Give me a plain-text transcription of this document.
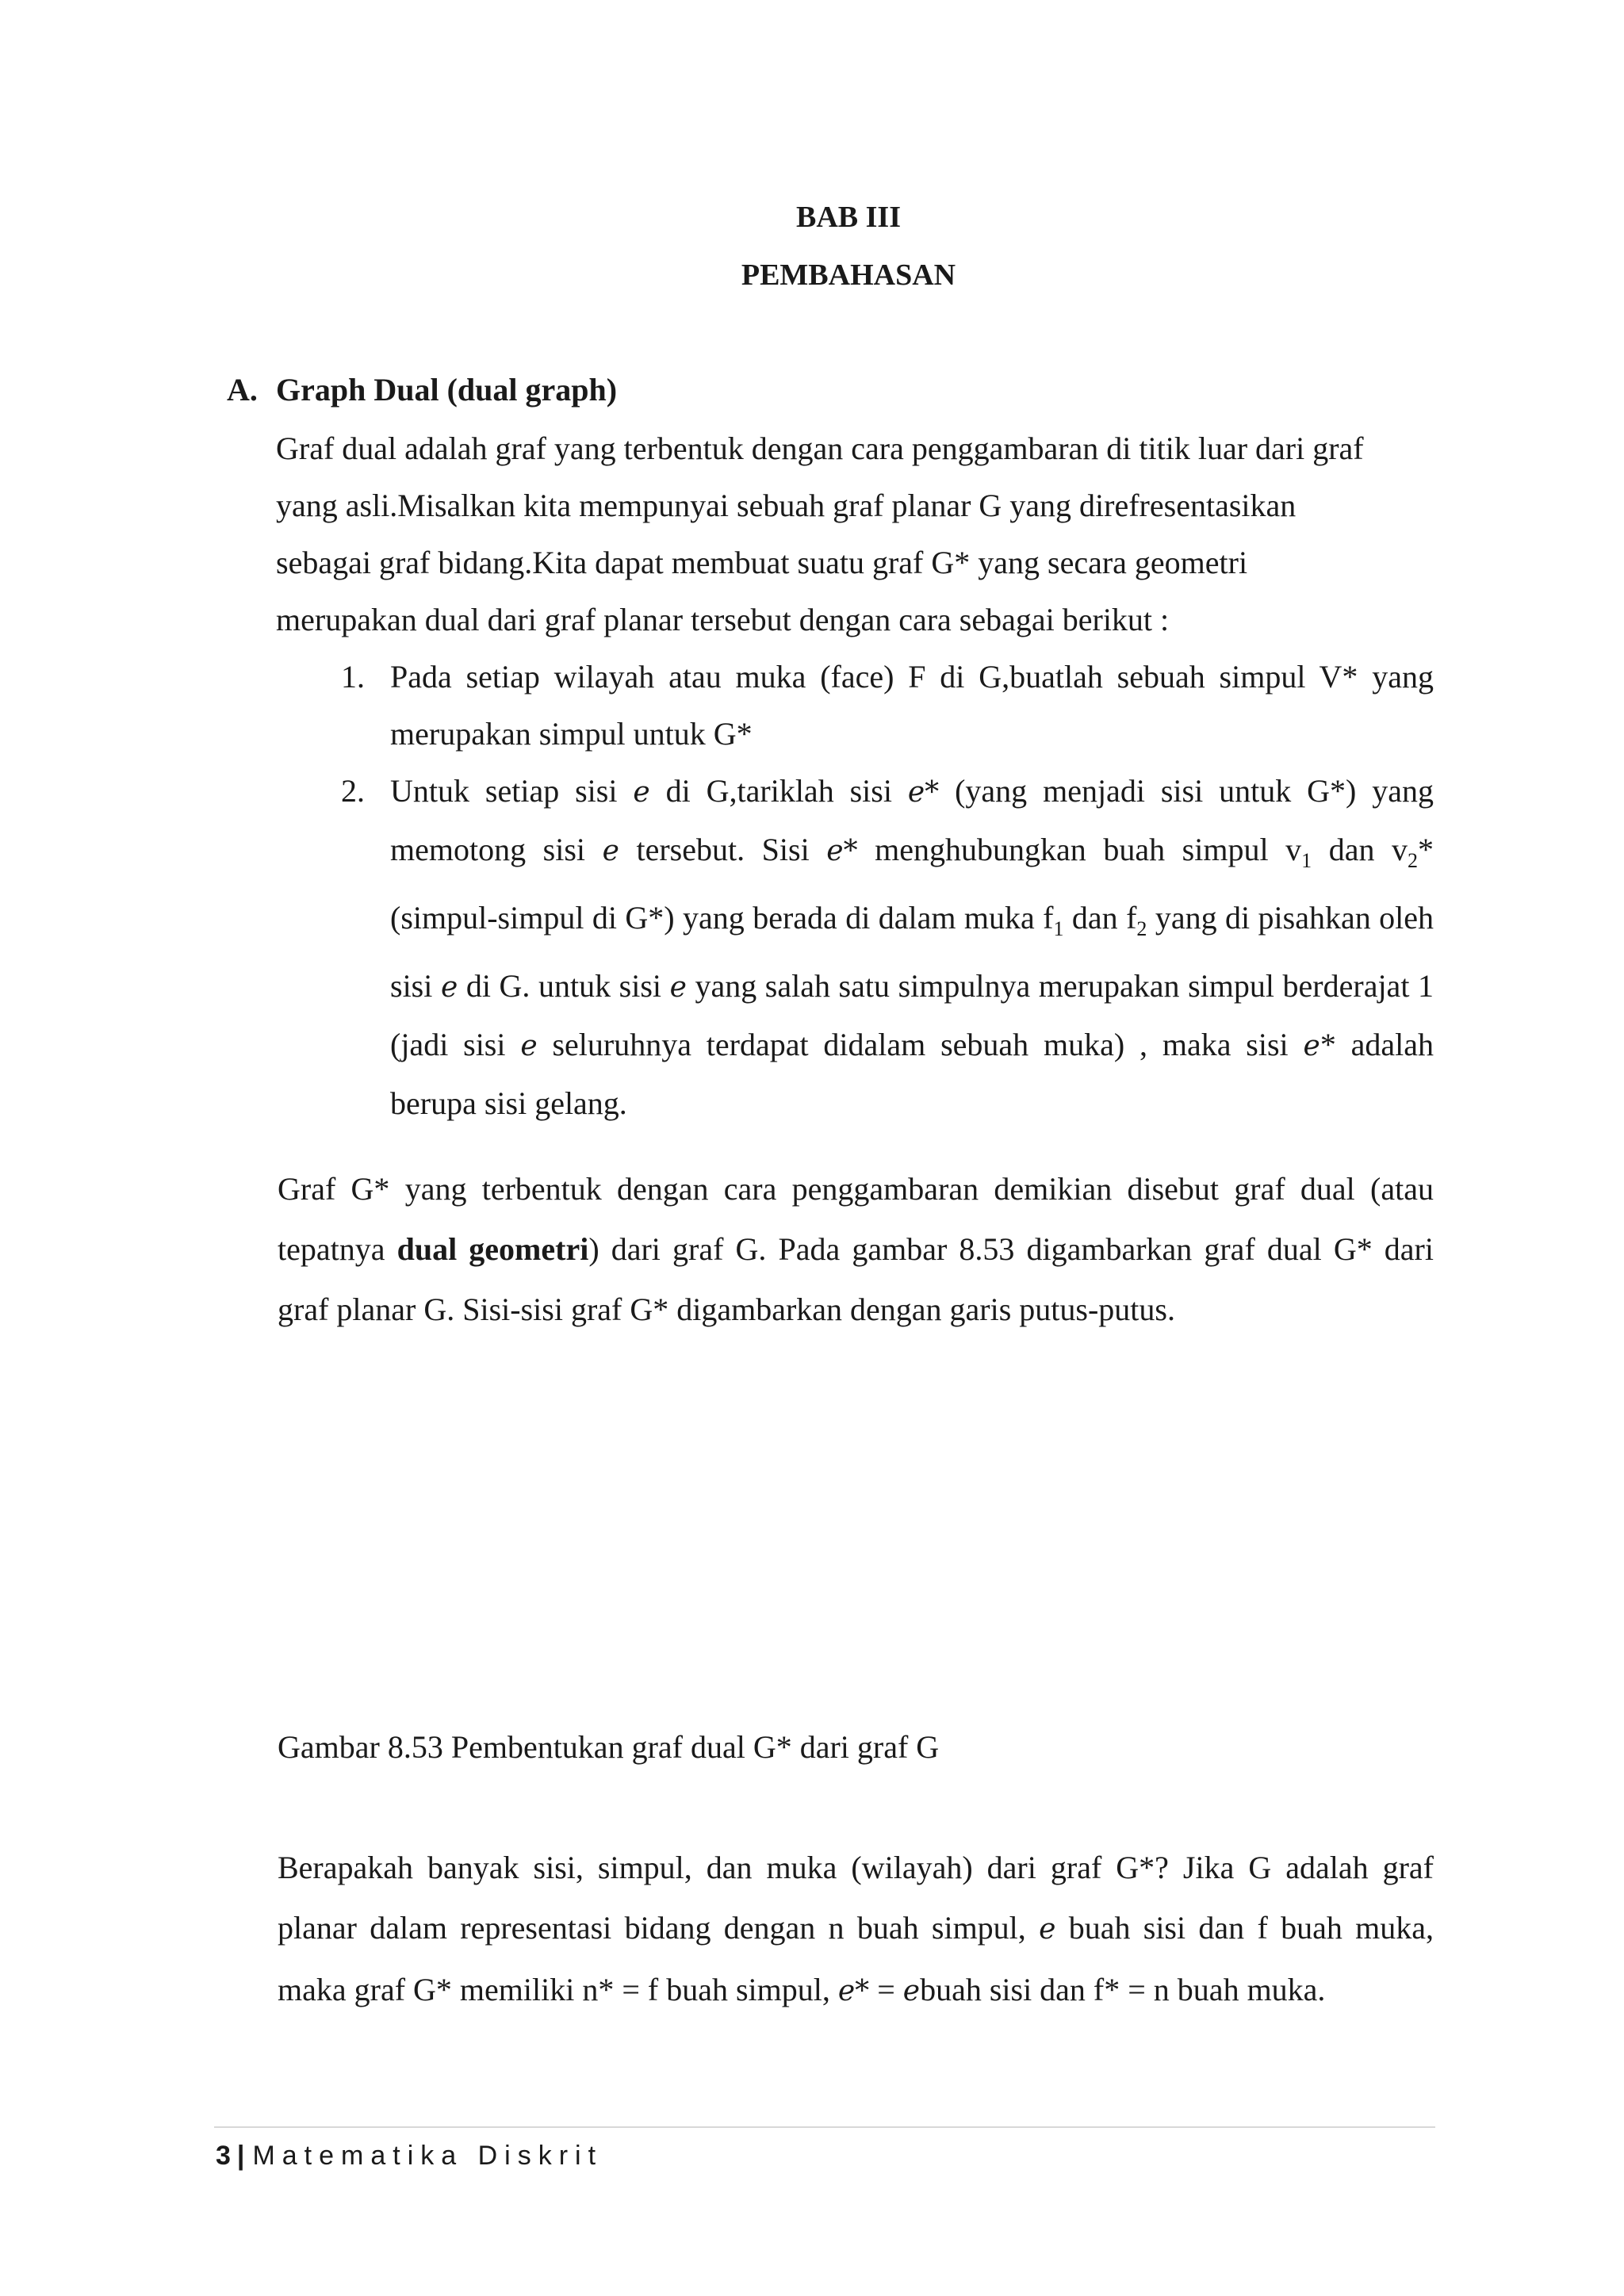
BAB III
PEMBAHASAN
A. Graph Dual (dual graph)

Graf dual adalah graf yang terbentuk dengan cara penggambaran di titik luar dari graf

yang asli.Misalkan kita mempunyai sebuah graf planar G yang direfresentasikan

sebagai graf bidang.Kita dapat membuat suatu graf G* yang secara geometri

merupakan dual dari graf planar tersebut dengan cara sebagai berikut :

1. Pada setiap wilayah atau muka (face) F di G,buatlah sebuah simpul V* yang merupakan simpul untuk G*
2. Untuk setiap sisi e di G,tariklah sisi e* (yang menjadi sisi untuk G*) yang memotong sisi e tersebut. Sisi e* menghubungkan buah simpul $v_1$ dan $v_2*$ (simpul-simpul di G*) yang berada di dalam muka $f_1$ dan $f_2$ yang di pisahkan oleh sisi e di G. untuk sisi e yang salah satu simpulnya merupakan simpul berderajat 1 (jadi sisi e seluruhnya terdapat didalam sebuah muka) , maka sisi e* adalah berupa sisi gelang.
Graf G* yang terbentuk dengan cara penggambaran demikian disebut graf dual (atau tepatnya dual geometri) dari graf G. Pada gambar 8.53 digambarkan graf dual G* dari graf planar G. Sisi-sisi graf G* digambarkan dengan garis putus-putus.
Gambar 8.53 Pembentukan graf dual G* dari graf G
Berapakah banyak sisi, simpul, dan muka (wilayah) dari graf G*? Jika G adalah graf planar dalam representasi bidang dengan n buah simpul, e buah sisi dan f buah muka, maka graf G* memiliki n* = f buah simpul, e* = ebuah sisi dan f* = n buah muka.
3 | Matematika Diskrit
